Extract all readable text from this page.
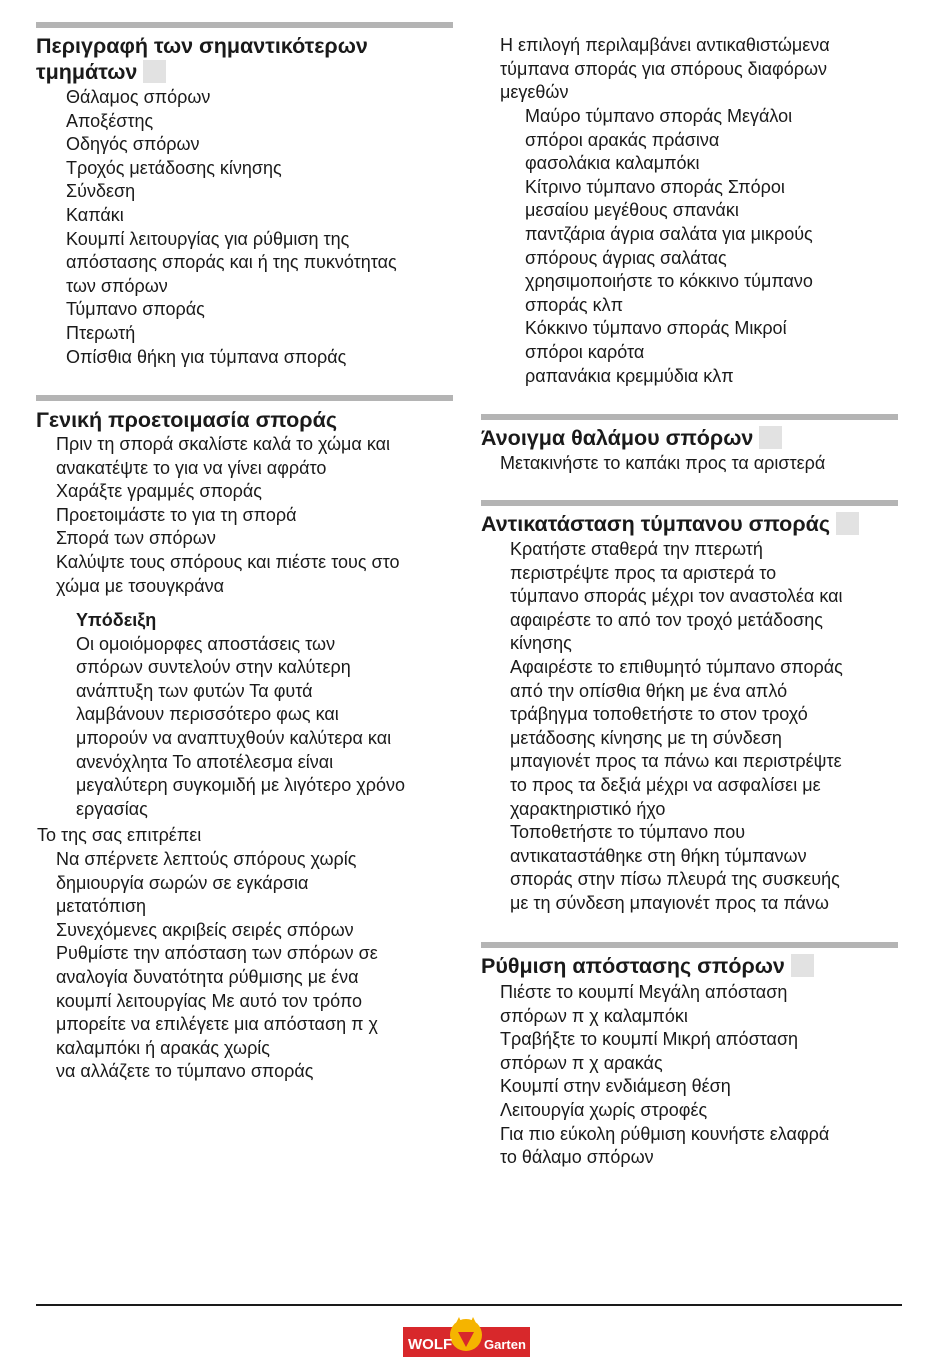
Περιγραφή των σημαντικότερων
τμημάτων
Θάλαμος σπόρων
Αποξέστης
Οδηγός σπόρων
Τροχός μετάδοσης κίνησης
Σύνδεση
Καπάκι
Κουμπί λειτουργίας για ρύθμιση της
απόστασης σποράς και ή της πυκνότητας
των σπόρων
Τύμπανο σποράς
Πτερωτή
Οπίσθια θήκη για τύμπανα σποράς
Γενική προετοιμασία σποράς
Πριν τη σπορά σκαλίστε καλά το χώμα και
ανακατέψτε το για να γίνει αφράτο
Χαράξτε γραμμές σποράς
Προετοιμάστε το για τη σπορά
Σπορά των σπόρων
Καλύψτε τους σπόρους και πιέστε τους στο
χώμα με τσουγκράνα
Υπόδειξη
Οι ομοιόμορφες αποστάσεις των
σπόρων συντελούν στην καλύτερη
ανάπτυξη των φυτών Τα φυτά
λαμβάνουν περισσότερο φως και
μπορούν να αναπτυχθούν καλύτερα και
ανενόχλητα Το αποτέλεσμα είναι
μεγαλύτερη συγκομιδή με λιγότερο χρόνο
εργασίας
Το της σας επιτρέπει
Να σπέρνετε λεπτούς σπόρους χωρίς
δημιουργία σωρών σε εγκάρσια
μετατόπιση
Συνεχόμενες ακριβείς σειρές σπόρων
Ρυθμίστε την απόσταση των σπόρων σε
αναλογία δυνατότητα ρύθμισης με ένα
κουμπί λειτουργίας Με αυτό τον τρόπο
μπορείτε να επιλέγετε μια απόσταση π χ
καλαμπόκι ή αρακάς χωρίς
να αλλάζετε το τύμπανο σποράς
Η επιλογή περιλαμβάνει αντικαθιστώμενα
τύμπανα σποράς για σπόρους διαφόρων
μεγεθών
Μαύρο τύμπανο σποράς Μεγάλοι
σπόροι αρακάς πράσινα
φασολάκια καλαμπόκι
Κίτρινο τύμπανο σποράς Σπόροι
μεσαίου μεγέθους σπανάκι
παντζάρια άγρια σαλάτα για μικρούς
σπόρους άγριας σαλάτας
χρησιμοποιήστε το κόκκινο τύμπανο
σποράς κλπ
Κόκκινο τύμπανο σποράς Μικροί
σπόροι καρότα
ραπανάκια κρεμμύδια κλπ
Άνοιγμα θαλάμου σπόρων
Μετακινήστε το καπάκι προς τα αριστερά
Αντικατάσταση τύμπανου σποράς
Κρατήστε σταθερά την πτερωτή
περιστρέψτε προς τα αριστερά το
τύμπανο σποράς μέχρι τον αναστολέα και
αφαιρέστε το από τον τροχό μετάδοσης
κίνησης
Αφαιρέστε το επιθυμητό τύμπανο σποράς
από την οπίσθια θήκη με ένα απλό
τράβηγμα τοποθετήστε το στον τροχό
μετάδοσης κίνησης με τη σύνδεση
μπαγιονέτ προς τα πάνω και περιστρέψτε
το προς τα δεξιά μέχρι να ασφαλίσει με
χαρακτηριστικό ήχο
Τοποθετήστε το τύμπανο που
αντικαταστάθηκε στη θήκη τύμπανων
σποράς στην πίσω πλευρά της συσκευής
με τη σύνδεση μπαγιονέτ προς τα πάνω
Ρύθμιση απόστασης σπόρων
Πιέστε το κουμπί Μεγάλη απόσταση
σπόρων π χ καλαμπόκι
Τραβήξτε το κουμπί Μικρή απόσταση
σπόρων π χ αρακάς
Κουμπί στην ενδιάμεση θέση
Λειτουργία χωρίς στροφές
Για πιο εύκολη ρύθμιση κουνήστε ελαφρά
το θάλαμο σπόρων
WOLF Garten
